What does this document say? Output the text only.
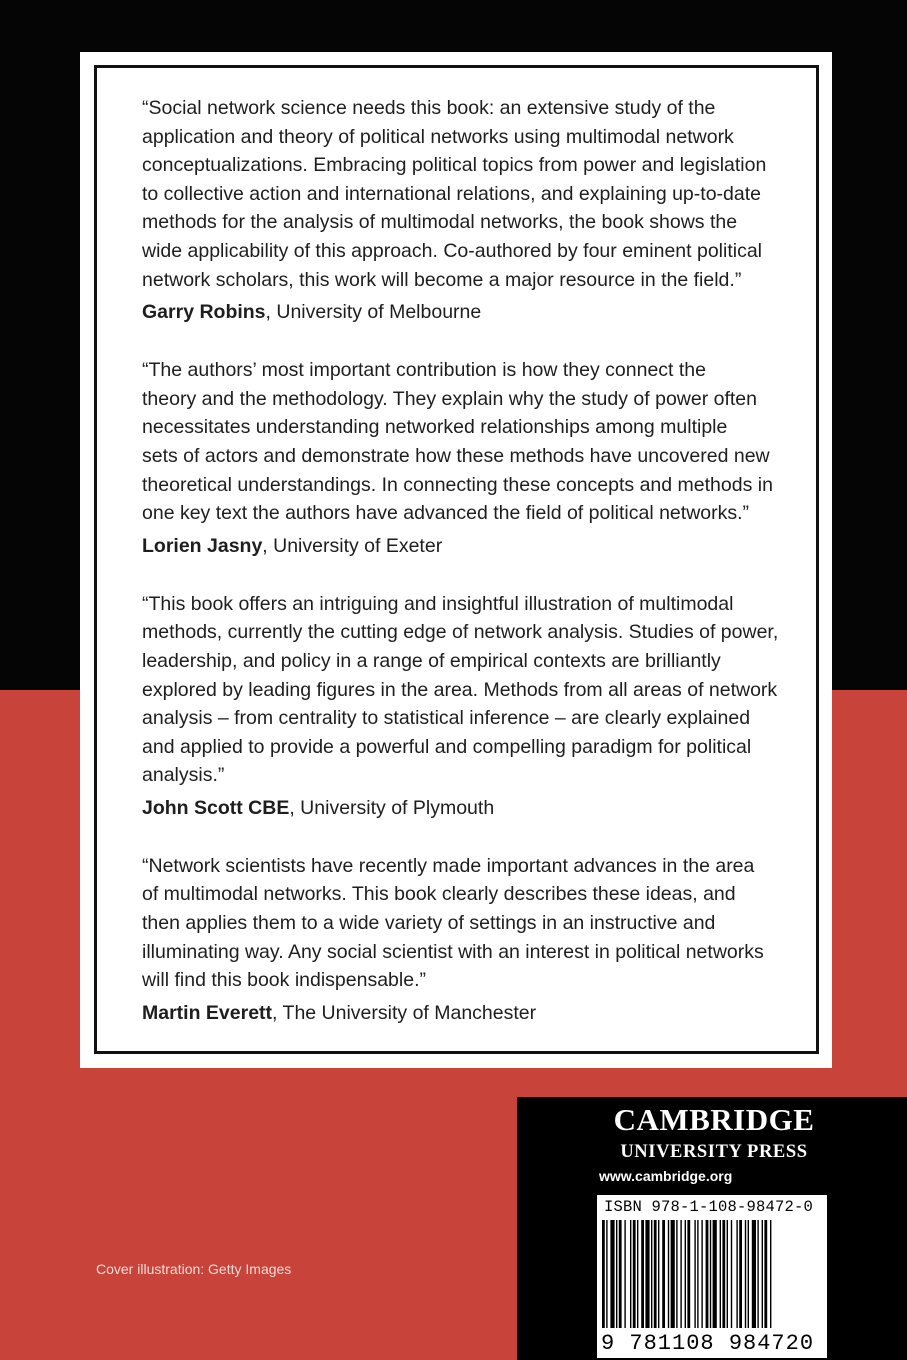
“Social network science needs this book: an extensive study of the

application and theory of political networks using multimodal network

conceptualizations. Embracing political topics from power and legislation

to collective action and international relations, and explaining up-to-date

methods for the analysis of multimodal networks, the book shows the

wide applicability of this approach. Co-authored by four eminent political

network scholars, this work will become a major resource in the field.”

Garry Robins, University of Melbourne

“The authors’ most important contribution is how they connect the

theory and the methodology. They explain why the study of power often

necessitates understanding networked relationships among multiple

sets of actors and demonstrate how these methods have uncovered new

theoretical understandings. In connecting these concepts and methods in

one key text the authors have advanced the field of political networks.”

Lorien Jasny, University of Exeter

“This book offers an intriguing and insightful illustration of multimodal

methods, currently the cutting edge of network analysis. Studies of power,

leadership, and policy in a range of empirical contexts are brilliantly

explored by leading figures in the area. Methods from all areas of network

analysis – from centrality to statistical inference – are clearly explained

and applied to provide a powerful and compelling paradigm for political

analysis.”

John Scott CBE, University of Plymouth

“Network scientists have recently made important advances in the area

of multimodal networks. This book clearly describes these ideas, and

then applies them to a wide variety of settings in an instructive and

illuminating way. Any social scientist with an interest in political networks

will find this book indispensable.”

Martin Everett, The University of Manchester

CAMBRIDGE
UNIVERSITY PRESS
www.cambridge.org
ISBN 978-1-108-98472-0
9 781108 984720 >
Cover illustration: Getty Images
